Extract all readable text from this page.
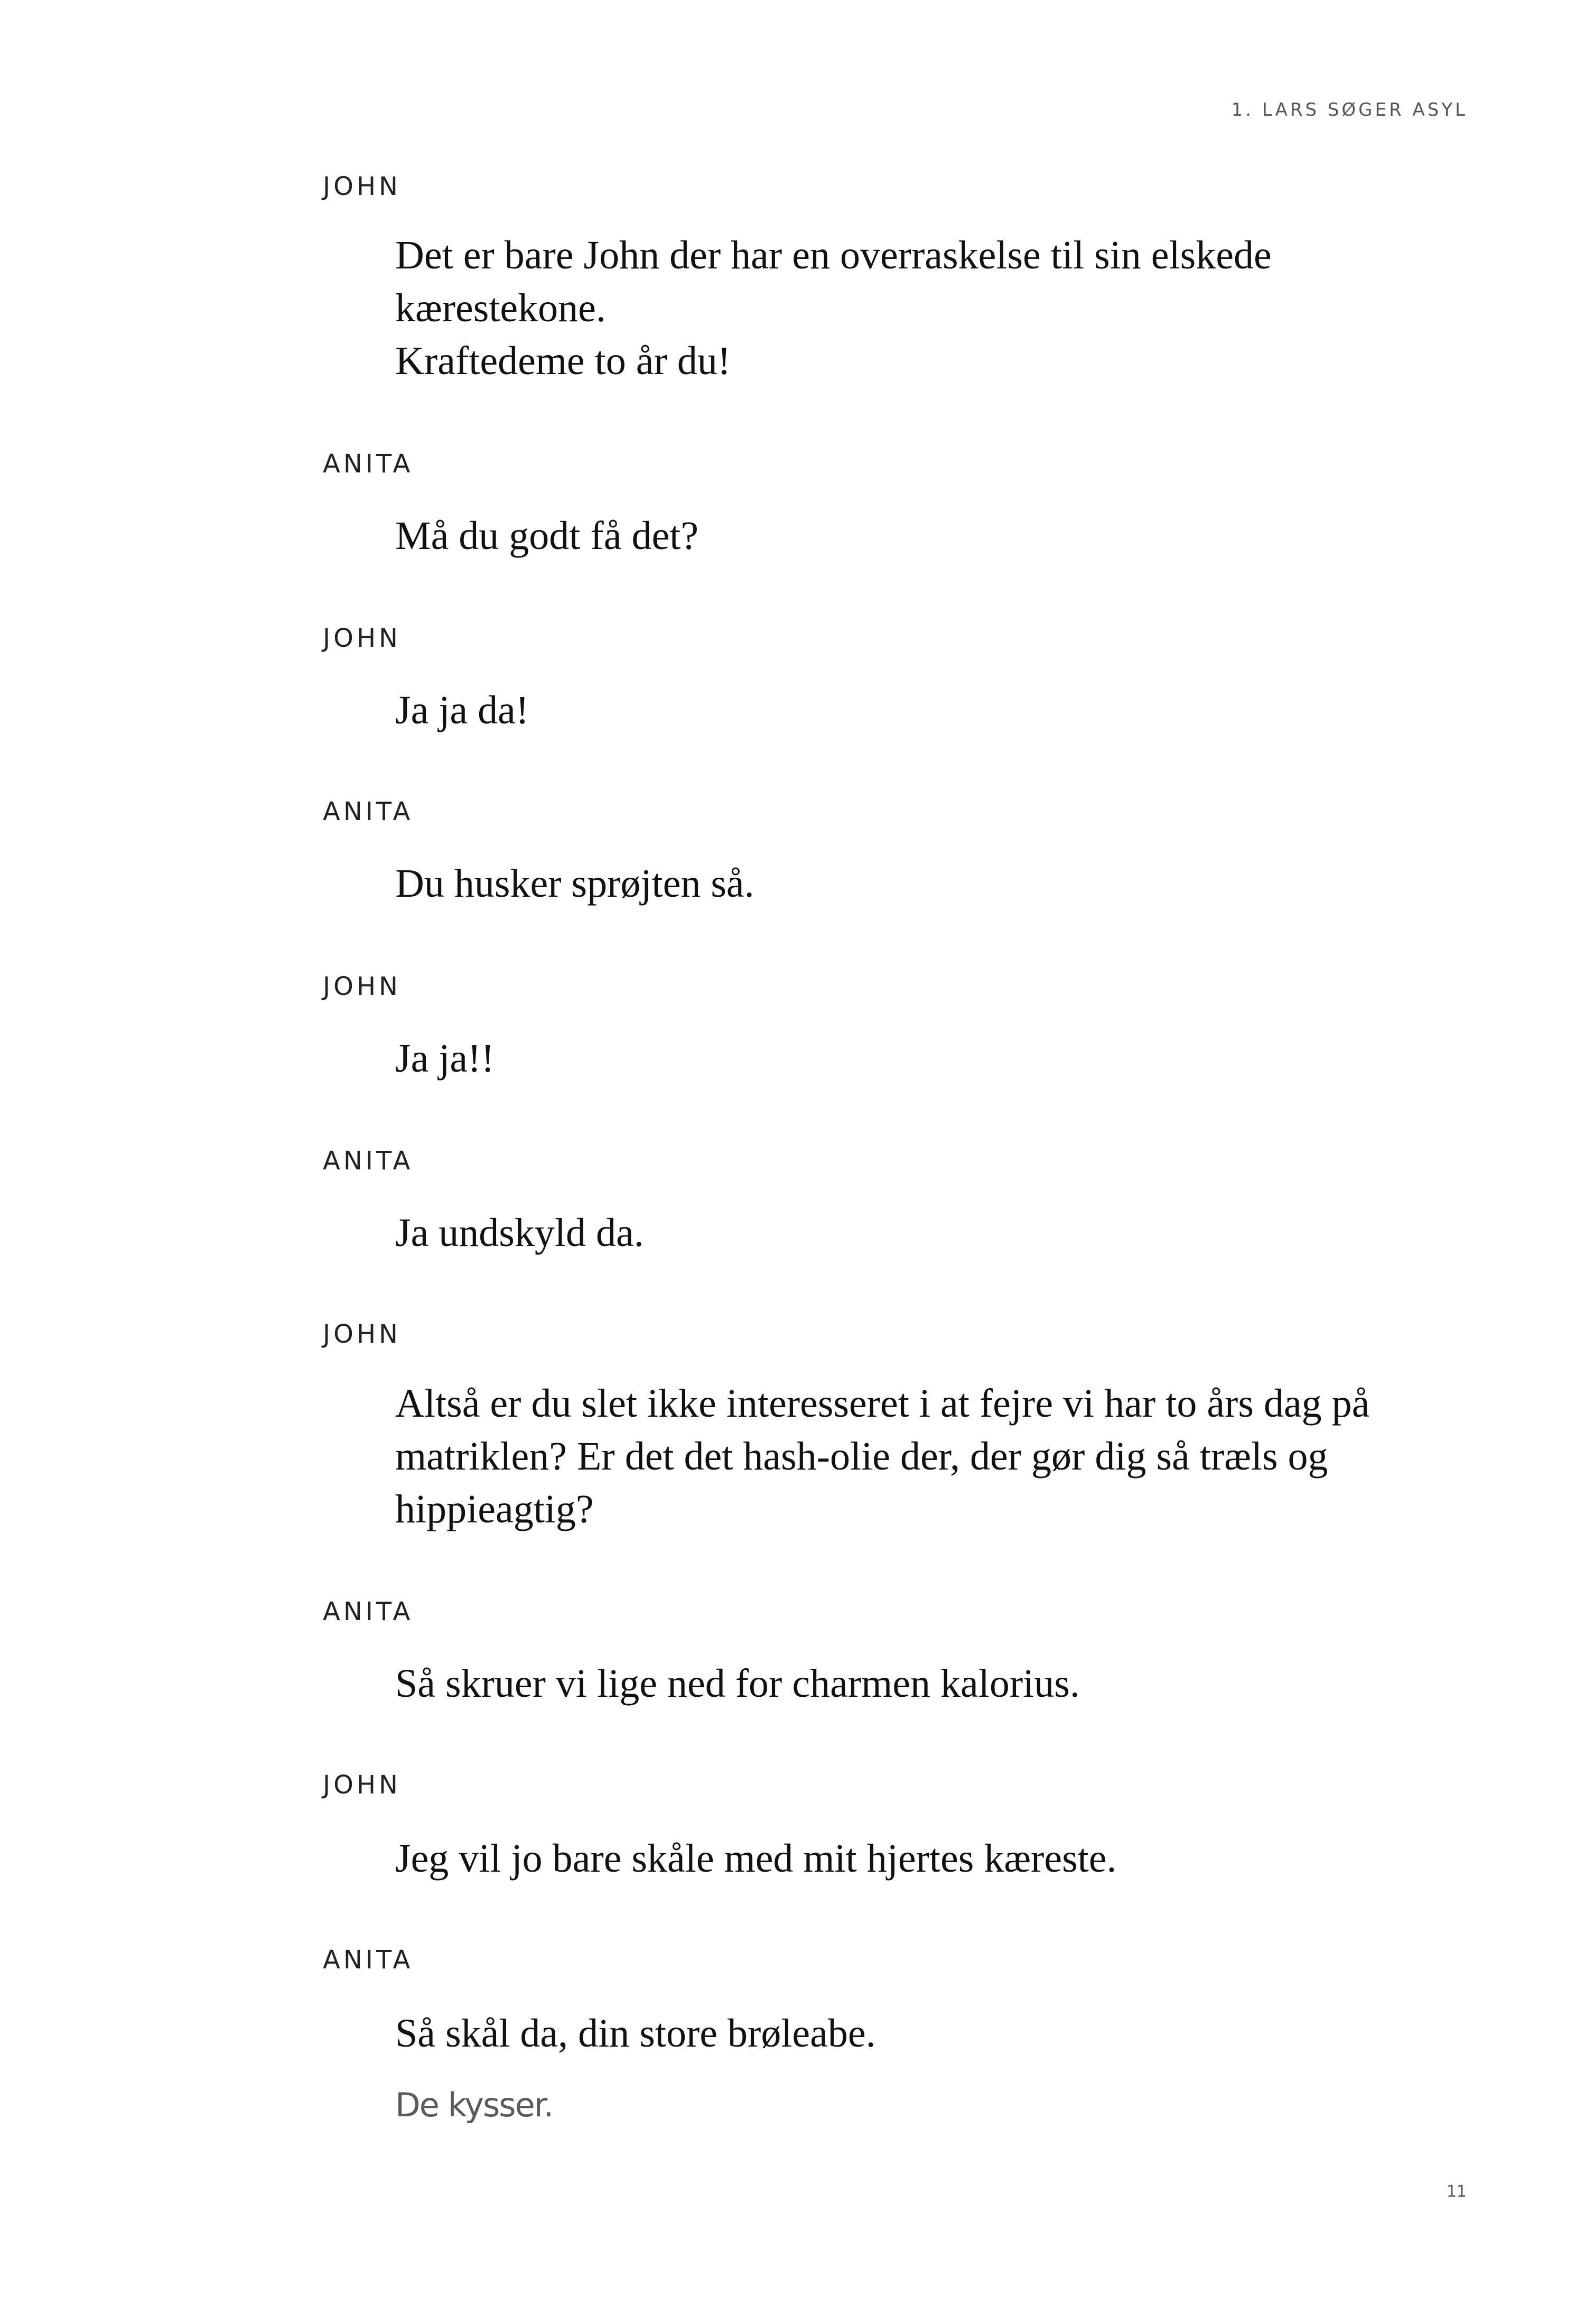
1. LARS SØGER ASYL
JOHN
Det er bare John der har en overraskelse til sin elskede
kærestekone.
Kraftedeme to år du!
ANITA
Må du godt få det?
JOHN
Ja ja da!
ANITA
Du husker sprøjten så.
JOHN
Ja ja!!
ANITA
Ja undskyld da.
JOHN
Altså er du slet ikke interesseret i at fejre vi har to års dag på
matriklen? Er det det hash-olie der, der gør dig så træls og
hippieagtig?
ANITA
Så skruer vi lige ned for charmen kalorius.
JOHN
Jeg vil jo bare skåle med mit hjertes kæreste.
ANITA
Så skål da, din store brøleabe.
De kysser.
11
